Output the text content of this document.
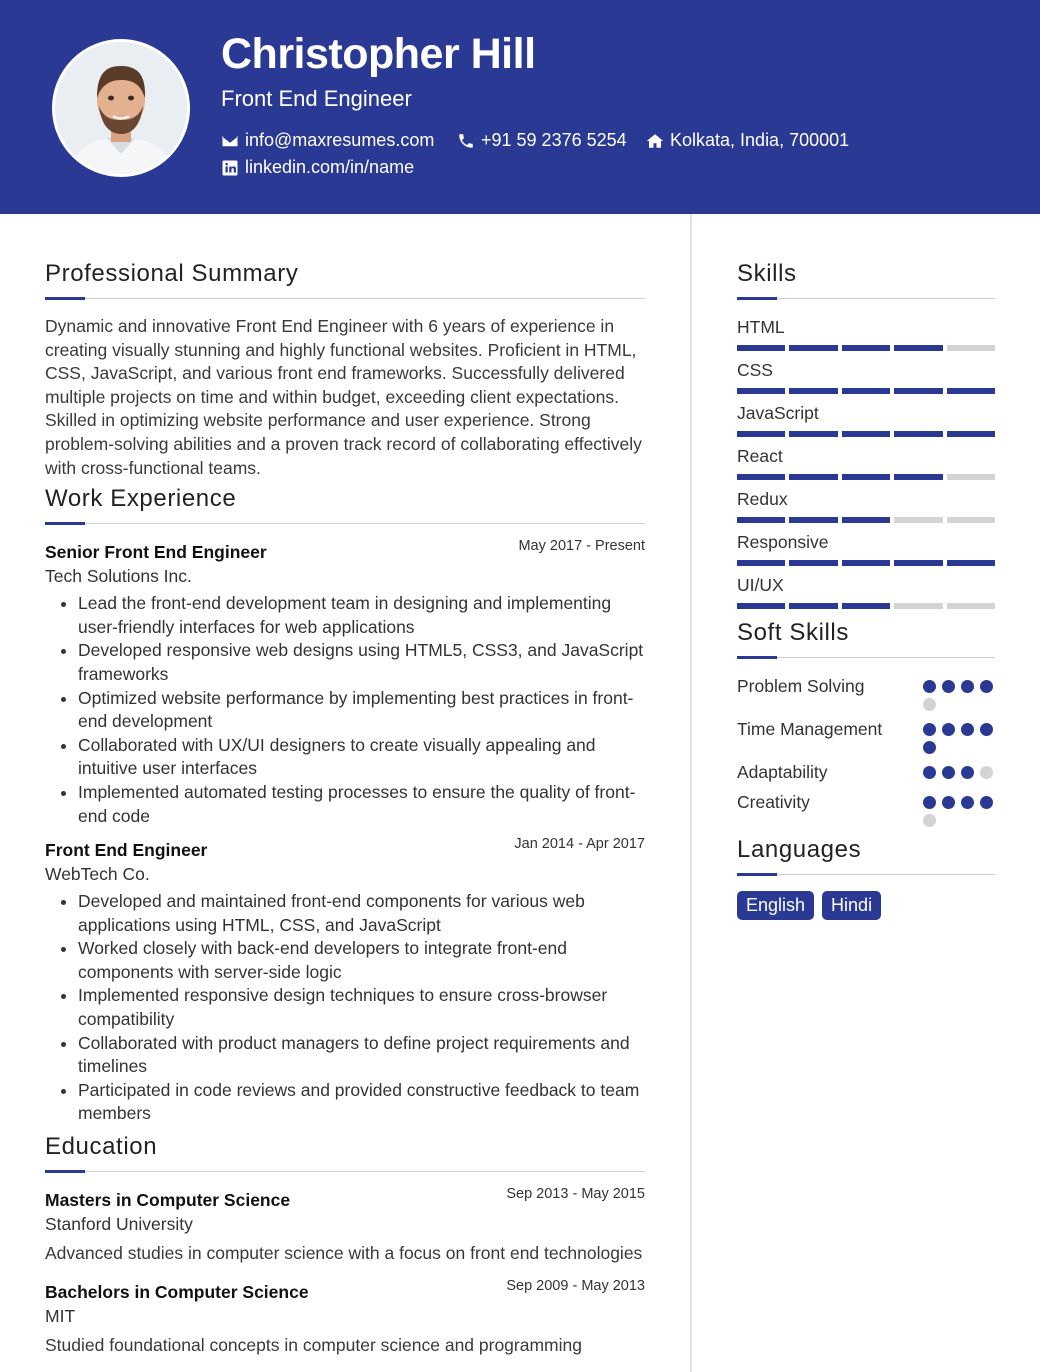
Christopher Hill
Front End Engineer
info@maxresumes.com	+91 59 2376 5254 Kolkata, India, 700001
linkedin.com/in/name
Professional Summary

Dynamic and innovative Front End Engineer with 6 years of experience in creating visually stunning and highly functional websites. Proficient in HTML, CSS, JavaScript, and various front end frameworks. Successfully delivered multiple projects on time and within budget, exceeding client expectations. Skilled in optimizing website performance and user experience. Strong problem-solving abilities and a proven track record of collaborating effectively with cross-functional teams.

Work Experience
Senior Front End Engineer	May 2017 - Present
Tech Solutions Inc.
• Lead the front-end development team in designing and implementing user-friendly interfaces for web applications
• Developed responsive web designs using HTML5, CSS3, and JavaScript frameworks
• Optimized website performance by implementing best practices in front-end development
• Collaborated with UX/UI designers to create visually appealing and intuitive user interfaces
• Implemented automated testing processes to ensure the quality of front-end code
Front End Engineer	Jan 2014 - Apr 2017
WebTech Co.
• Developed and maintained front-end components for various web applications using HTML, CSS, and JavaScript
• Worked closely with back-end developers to integrate front-end components with server-side logic
• Implemented responsive design techniques to ensure cross-browser compatibility
• Collaborated with product managers to define project requirements and timelines
• Participated in code reviews and provided constructive feedback to team members
Education
Masters in Computer Science	Sep 2013 - May 2015
Stanford University

Advanced studies in computer science with a focus on front end technologies

Bachelors in Computer Science	Sep 2009 - May 2013
MIT

Studied foundational concepts in computer science and programming

Skills
HTML
CSS
JavaScript
React
Redux
Responsive
UI/UX
Soft Skills
Problem Solving
Time Management
Adaptability
Creativity
Languages
English	Hindi
